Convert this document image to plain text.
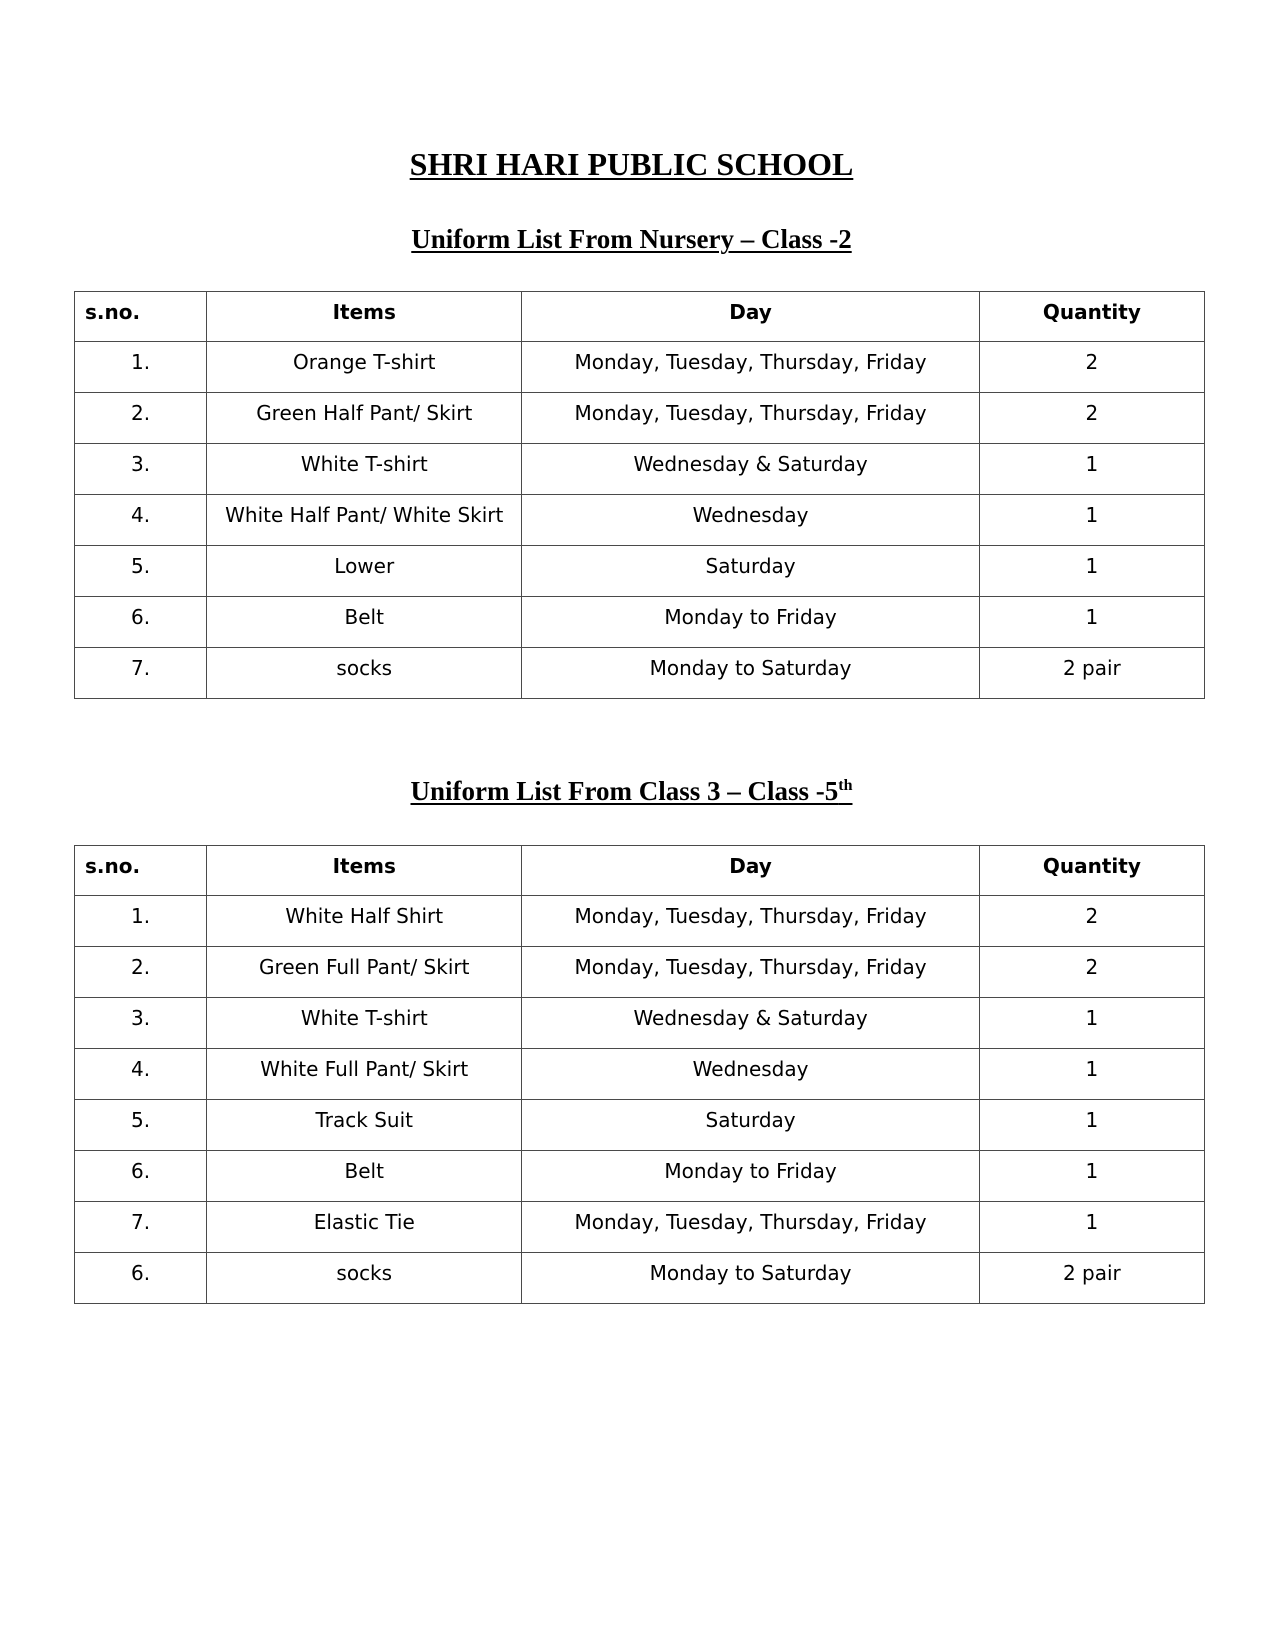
SHRI HARI PUBLIC SCHOOL
Uniform List From Nursery – Class -2
s.no.	Items	Day	Quantity
1.	Orange T-shirt	Monday, Tuesday, Thursday, Friday	2
2.	Green Half Pant/ Skirt	Monday, Tuesday, Thursday, Friday	2
3.	White T-shirt	Wednesday & Saturday	1
4.	White Half Pant/ White Skirt	Wednesday	1
5.	Lower	Saturday	1
6.	Belt	Monday to Friday	1
7.	socks	Monday to Saturday	2 pair
Uniform List From Class 3 – Class -5th
s.no.	Items	Day	Quantity
1.	White Half Shirt	Monday, Tuesday, Thursday, Friday	2
2.	Green Full Pant/ Skirt	Monday, Tuesday, Thursday, Friday	2
3.	White T-shirt	Wednesday & Saturday	1
4.	White Full Pant/ Skirt	Wednesday	1
5.	Track Suit	Saturday	1
6.	Belt	Monday to Friday	1
7.	Elastic Tie	Monday, Tuesday, Thursday, Friday	1
6.	socks	Monday to Saturday	2 pair
